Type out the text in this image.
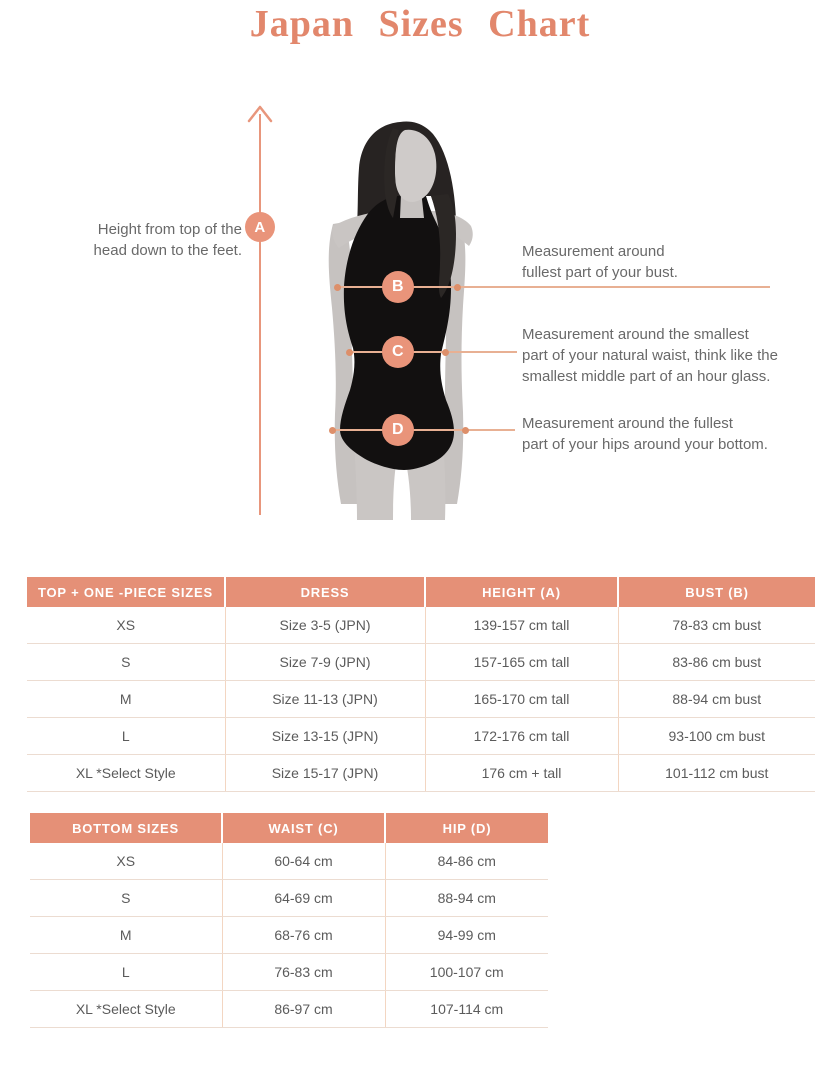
Japan Sizes Chart
A
Height from top of the
head down to the feet.
B
Measurement around
fullest part of your bust.
C
Measurement around the smallest
part of your natural waist, think like the
smallest middle part of an hour glass.
D	Measurement around the fullest
part of your hips around your bottom.
TOP + ONE -PIECE SIZES	DRESS	HEIGHT (A)	BUST (B)
XS	Size 3-5 (JPN)	139-157 cm tall	78-83 cm bust
S	Size 7-9 (JPN)	157-165 cm tall	83-86 cm bust
M	Size 11-13 (JPN)	165-170 cm tall	88-94 cm bust
L	Size 13-15 (JPN)	172-176 cm tall	93-100 cm bust
XL *Select Style	Size 15-17 (JPN)	176 cm + tall	101-112 cm bust
BOTTOM SIZES	WAIST (C)	HIP (D)
XS	60-64 cm	84-86 cm
S	64-69 cm	88-94 cm
M	68-76 cm	94-99 cm
L	76-83 cm	100-107 cm
XL *Select Style	86-97 cm	107-114 cm
